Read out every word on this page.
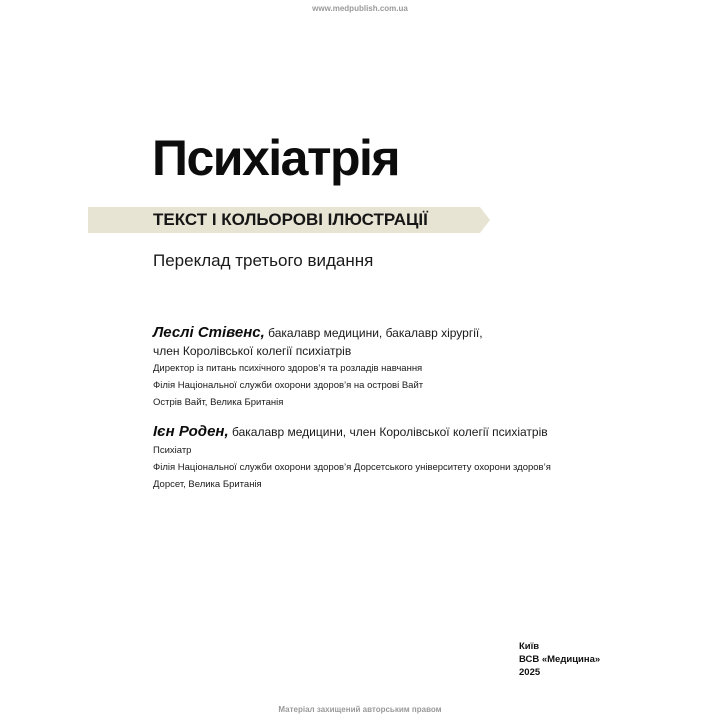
www.medpublish.com.ua
Психіатрія
ТЕКСТ І КОЛЬОРОВІ ІЛЮСТРАЦІЇ
Переклад третього видання
Леслі Стівенс, бакалавр медицини, бакалавр хірургії,
член Королівської колегії психіатрів
Директор із питань психічного здоров’я та розладів навчання
Філія Національної служби охорони здоров’я на острові Вайт
Острів Вайт, Велика Британія
Ієн Роден, бакалавр медицини, член Королівської колегії психіатрів
Психіатр
Філія Національної служби охорони здоров’я Дорсетського університету охорони здоров’я
Дорсет, Велика Британія
Київ
ВСВ «Медицина»
2025
Матеріал захищений авторським правом
